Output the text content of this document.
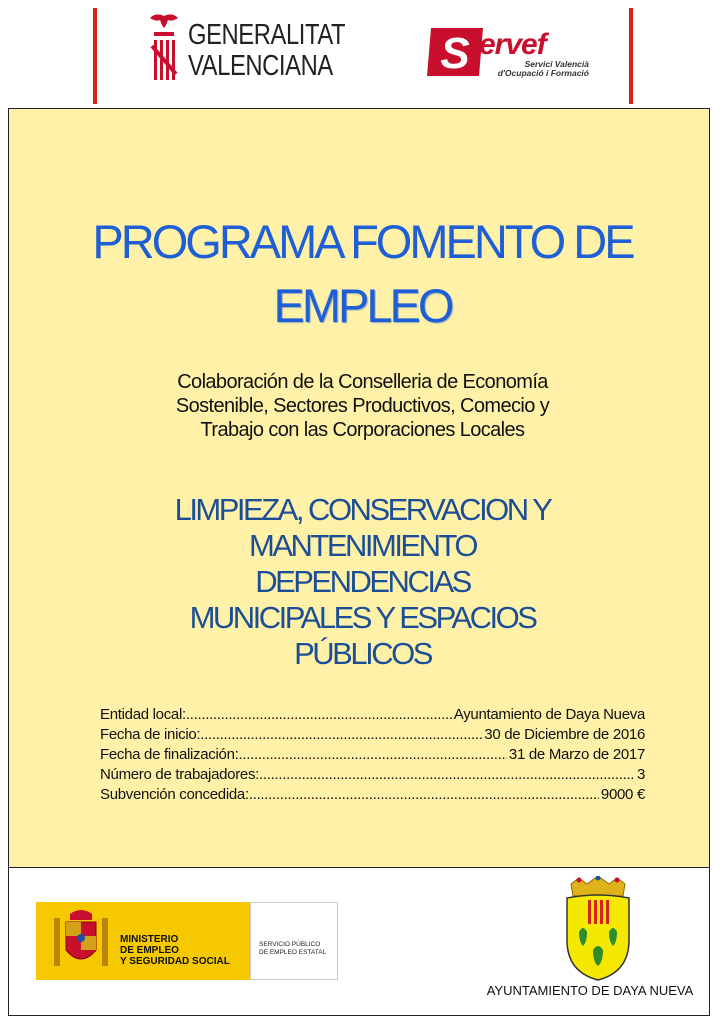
GENERALITAT
VALENCIANA S ervef
Servici Valencià
d'Ocupació i Formació
PROGRAMA FOMENTO DE
EMPLEO
Colaboración de la Conselleria de Economía
Sostenible, Sectores Productivos, Comecio y
Trabajo con las Corporaciones Locales
LIMPIEZA, CONSERVACION Y
MANTENIMIENTO
DEPENDENCIAS
MUNICIPALES Y ESPACIOS
PÚBLICOS
Entidad local: .....	Ayuntamiento de Daya Nueva
Fecha de inicio: .....	30 de Diciembre de 2016
Fecha de finalización: .....	31 de Marzo de 2017
Número de trabajadores: .....	3
Subvención concedida: .....	9000 €
MINISTERIO
DE EMPLEO
Y SEGURIDAD SOCIAL
SERVICIO PÚBLICO
DE EMPLEO ESTATAL
AYUNTAMIENTO DE DAYA NUEVA
